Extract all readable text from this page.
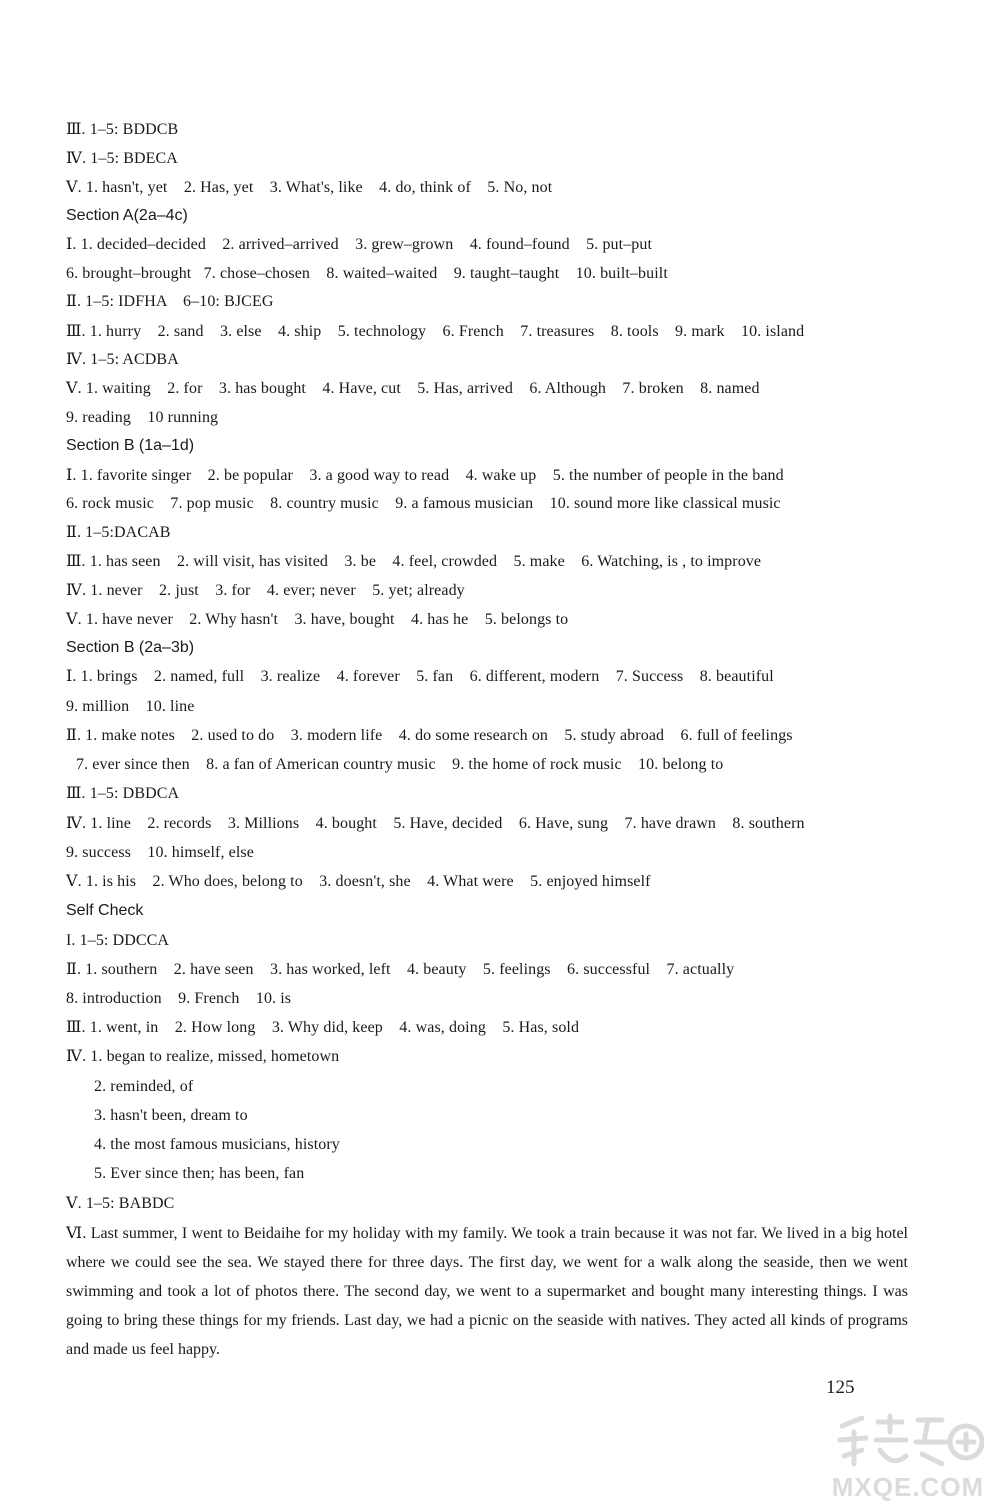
Ⅲ. 1–5: BDDCB
Ⅳ. 1–5: BDECA
Ⅴ. 1. hasn't, yet    2. Has, yet    3. What's, like    4. do, think of    5. No, not
Section A(2a–4c)
Ⅰ. 1. decided–decided    2. arrived–arrived    3. grew–grown    4. found–found    5. put–put
6. brought–brought   7. chose–chosen    8. waited–waited    9. taught–taught    10. built–built
Ⅱ. 1–5: IDFHA    6–10: BJCEG
Ⅲ. 1. hurry    2. sand    3. else    4. ship    5. technology    6. French    7. treasures    8. tools    9. mark    10. island
Ⅳ. 1–5: ACDBA
Ⅴ. 1. waiting    2. for    3. has bought    4. Have, cut    5. Has, arrived    6. Although    7. broken    8. named
9. reading    10 running
Section B (1a–1d)
Ⅰ. 1. favorite singer    2. be popular    3. a good way to read    4. wake up    5. the number of people in the band
6. rock music    7. pop music    8. country music    9. a famous musician    10. sound more like classical music
Ⅱ. 1–5:DACAB
Ⅲ. 1. has seen    2. will visit, has visited    3. be    4. feel, crowded    5. make    6. Watching, is , to improve
Ⅳ. 1. never    2. just    3. for    4. ever; never    5. yet; already
Ⅴ. 1. have never    2. Why hasn't    3. have, bought    4. has he    5. belongs to
Section B (2a–3b)
Ⅰ. 1. brings    2. named, full    3. realize    4. forever    5. fan    6. different, modern    7. Success    8. beautiful
9. million    10. line
Ⅱ. 1. make notes    2. used to do    3. modern life    4. do some research on    5. study abroad    6. full of feelings
7. ever since then    8. a fan of American country music    9. the home of rock music    10. belong to
Ⅲ. 1–5: DBDCA
Ⅳ. 1. line    2. records    3. Millions    4. bought    5. Have, decided    6. Have, sung    7. have drawn    8. southern
9. success    10. himself, else
Ⅴ. 1. is his    2. Who does, belong to    3. doesn't, she    4. What were    5. enjoyed himself
Self Check
I. 1–5: DDCCA
Ⅱ. 1. southern    2. have seen    3. has worked, left    4. beauty    5. feelings    6. successful    7. actually
8. introduction    9. French    10. is
Ⅲ. 1. went, in    2. How long    3. Why did, keep    4. was, doing    5. Has, sold
Ⅳ. 1. began to realize, missed, hometown
2. reminded, of
3. hasn't been, dream to
4. the most famous musicians, history
5. Ever since then; has been, fan
Ⅴ. 1–5: BABDC
Ⅵ. Last summer, I went to Beidaihe for my holiday with my family. We took a train because it was not far. We lived in a big hotel where we could see the sea. We stayed there for three days. The first day, we went for a walk along the seaside, then we went swimming and took a lot of photos there. The second day, we went to a supermarket and bought many interesting things. I was going to bring these things for my friends. Last day, we had a picnic on the seaside with natives. They acted all kinds of programs and made us feel happy.
125
MXQE.COM
